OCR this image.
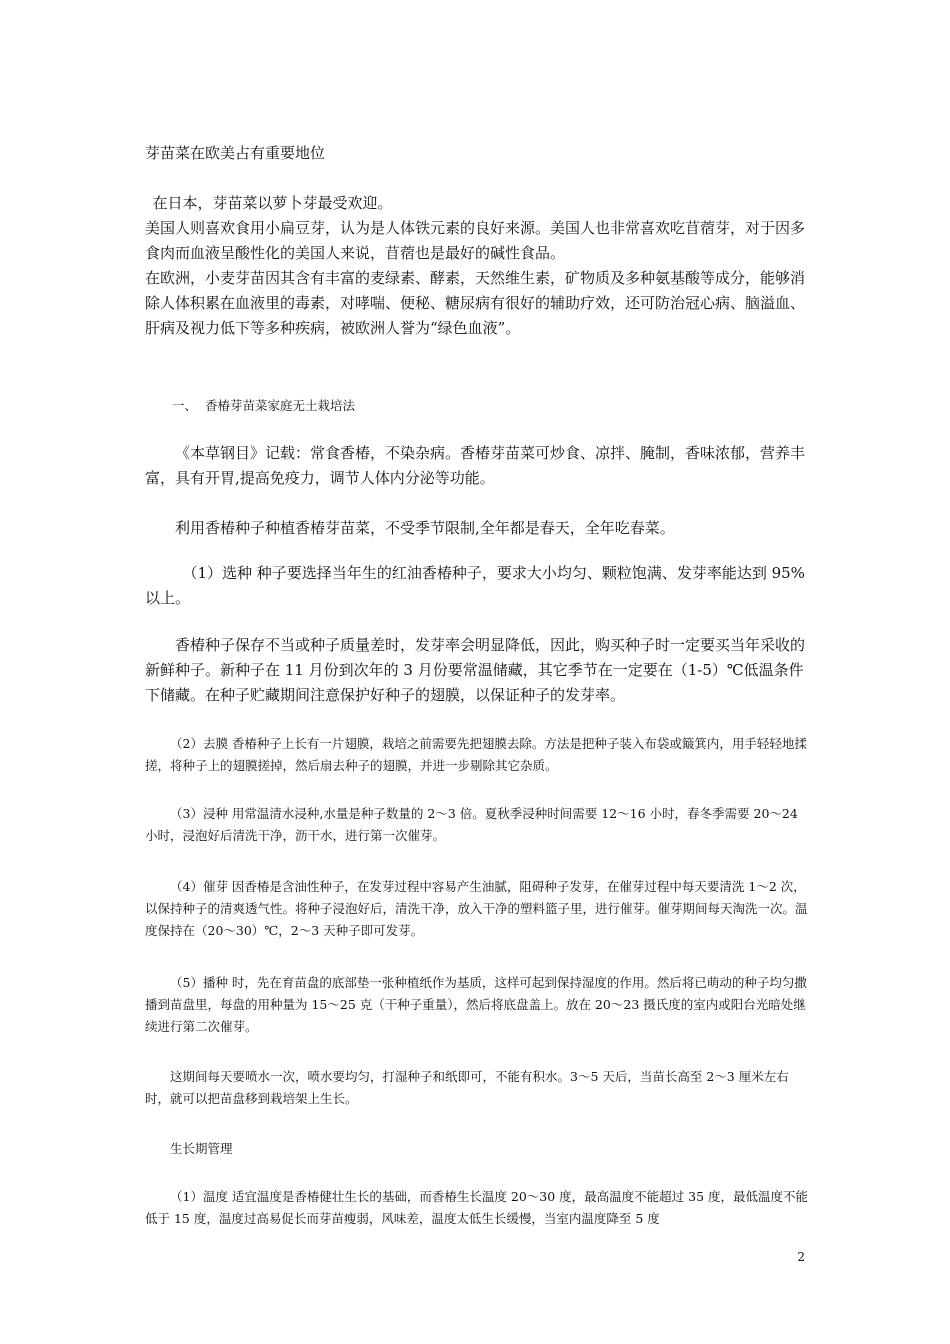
芽苗菜在欧美占有重要地位

在日本，芽苗菜以萝卜芽最受欢迎。

美国人则喜欢食用小扁豆芽，认为是人体铁元素的良好来源。美国人也非常喜欢吃苜蓿芽，对于因多食肉而血液呈酸性化的美国人来说，苜蓿也是最好的碱性食品。

在欧洲，小麦芽苗因其含有丰富的麦绿素、酵素，天然维生素，矿物质及多种氨基酸等成分，能够消除人体积累在血液里的毒素，对哮喘、便秘、糖尿病有很好的辅助疗效，还可防治冠心病、脑溢血、肝病及视力低下等多种疾病，被欧洲人誉为“绿色血液”。

一、  香椿芽苗菜家庭无土栽培法

《本草钢目》记载：常食香椿，不染杂病。香椿芽苗菜可炒食、凉拌、腌制，香味浓郁，营养丰富，具有开胃,提高免疫力，调节人体内分泌等功能。

利用香椿种子种植香椿芽苗菜，不受季节限制,全年都是春天，全年吃春菜。

（1）选种 种子要选择当年生的红油香椿种子，要求大小均匀、颗粒饱满、发芽率能达到 95%以上。

香椿种子保存不当或种子质量差时，发芽率会明显降低，因此，购买种子时一定要买当年采收的新鲜种子。新种子在 11 月份到次年的 3 月份要常温储藏，其它季节在一定要在（1-5）℃低温条件下储藏。在种子贮藏期间注意保护好种子的翅膜，以保证种子的发芽率。

（2）去膜 香椿种子上长有一片翅膜，栽培之前需要先把翅膜去除。方法是把种子装入布袋或簸箕内，用手轻轻地揉搓，将种子上的翅膜搓掉，然后扇去种子的翅膜，并进一步剔除其它杂质。

（3）浸种 用常温清水浸种,水量是种子数量的 2～3 倍。夏秋季浸种时间需要 12～16 小时，春冬季需要 20～24 小时，浸泡好后清洗干净，沥干水，进行第一次催芽。

（4）催芽 因香椿是含油性种子，在发芽过程中容易产生油腻，阻碍种子发芽，在催芽过程中每天要清洗 1～2 次，以保持种子的清爽透气性。将种子浸泡好后，清洗干净，放入干净的塑料篮子里，进行催芽。催芽期间每天淘洗一次。温度保持在（20～30）℃，2～3 天种子即可发芽。

（5）播种 时，先在育苗盘的底部垫一张种植纸作为基质，这样可起到保持湿度的作用。然后将已萌动的种子均匀撒播到苗盘里，每盘的用种量为 15～25 克（干种子重量），然后将底盘盖上。放在 20～23 摄氏度的室内或阳台光暗处继续进行第二次催芽。

这期间每天要喷水一次，喷水要均匀，打湿种子和纸即可，不能有积水。3～5 天后，当苗长高至 2～3 厘米左右时，就可以把苗盘移到栽培架上生长。

生长期管理

（1）温度 适宜温度是香椿健壮生长的基础，而香椿生长温度 20～30 度，最高温度不能超过 35 度，最低温度不能低于 15 度，温度过高易促长而芽苗瘦弱，风味差，温度太低生长缓慢，当室内温度降至 5 度

2
